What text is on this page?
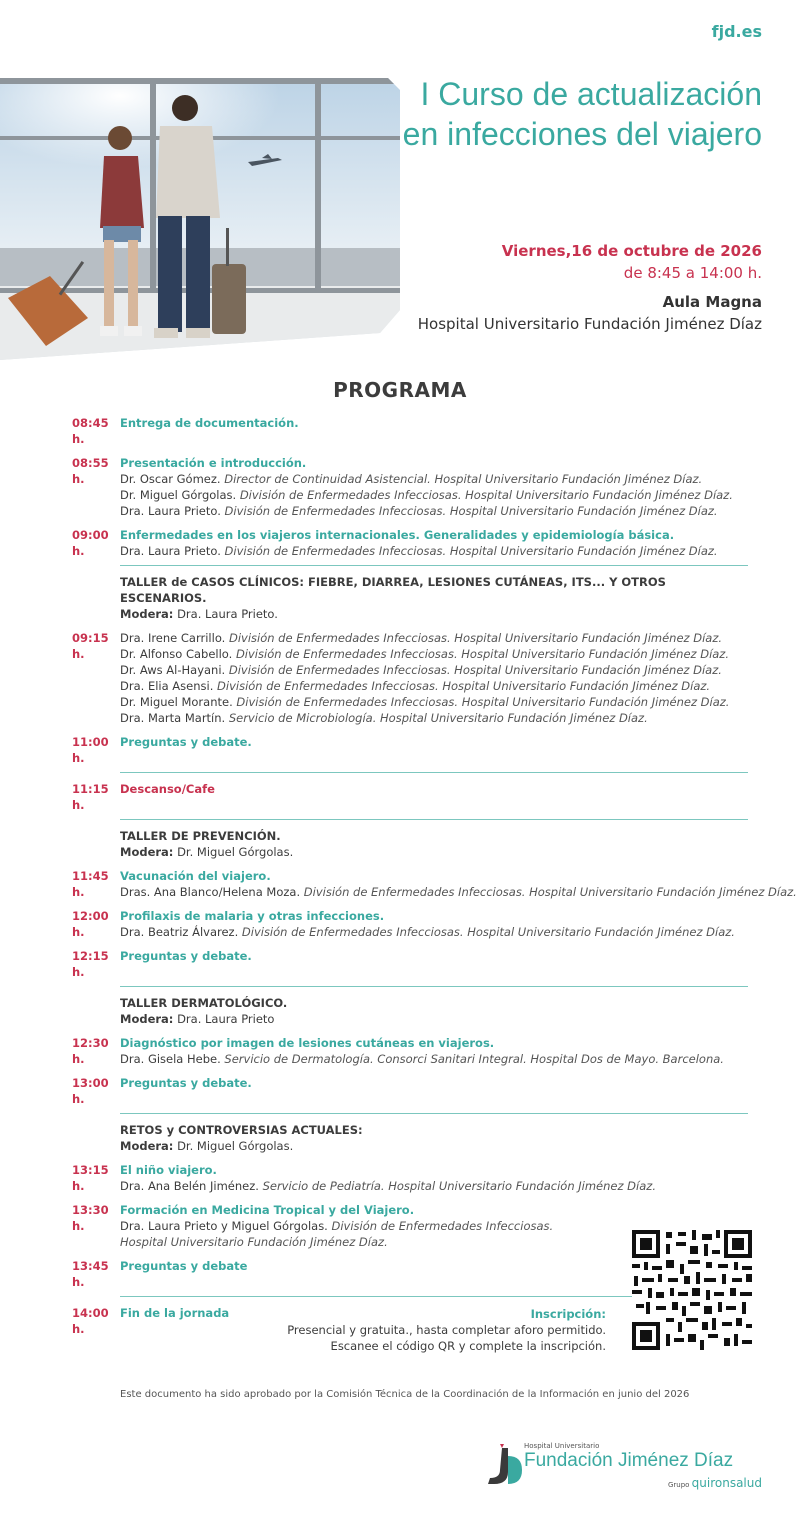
fjd.es
I Curso de actualización en infecciones del viajero
Viernes,16 de octubre de 2026
de 8:45 a 14:00 h.
Aula Magna
Hospital Universitario Fundación Jiménez Díaz
PROGRAMA
08:45 h.
Entrega de documentación.
08:55 h.
Presentación e introducción.
Dr. Oscar Gómez. Director de Continuidad Asistencial. Hospital Universitario Fundación Jiménez Díaz.
Dr. Miguel Górgolas. División de Enfermedades Infecciosas. Hospital Universitario Fundación Jiménez Díaz.
Dra. Laura Prieto. División de Enfermedades Infecciosas. Hospital Universitario Fundación Jiménez Díaz.
09:00 h.
Enfermedades en los viajeros internacionales. Generalidades y epidemiología básica.
Dra. Laura Prieto. División de Enfermedades Infecciosas. Hospital Universitario Fundación Jiménez Díaz.
TALLER de CASOS CLÍNICOS: FIEBRE, DIARREA, LESIONES CUTÁNEAS, ITS... Y OTROS ESCENARIOS.
Modera: Dra. Laura Prieto.
09:15 h.
Dra. Irene Carrillo. División de Enfermedades Infecciosas. Hospital Universitario Fundación Jiménez Díaz.
Dr. Alfonso Cabello. División de Enfermedades Infecciosas. Hospital Universitario Fundación Jiménez Díaz.
Dr. Aws Al-Hayani. División de Enfermedades Infecciosas. Hospital Universitario Fundación Jiménez Díaz.
Dra. Elia Asensi. División de Enfermedades Infecciosas. Hospital Universitario Fundación Jiménez Díaz.
Dr. Miguel Morante. División de Enfermedades Infecciosas. Hospital Universitario Fundación Jiménez Díaz.
Dra. Marta Martín. Servicio de Microbiología. Hospital Universitario Fundación Jiménez Díaz.
11:00 h.
Preguntas y debate.
11:15 h.
Descanso/Cafe
TALLER DE PREVENCIÓN.
Modera: Dr. Miguel Górgolas.
11:45 h.
Vacunación del viajero.
Dras. Ana Blanco/Helena Moza. División de Enfermedades Infecciosas. Hospital Universitario Fundación Jiménez Díaz.
12:00 h.
Profilaxis de malaria y otras infecciones.
Dra. Beatriz Álvarez. División de Enfermedades Infecciosas. Hospital Universitario Fundación Jiménez Díaz.
12:15 h.
Preguntas y debate.
TALLER DERMATOLÓGICO.
Modera: Dra. Laura Prieto
12:30 h.
Diagnóstico por imagen de lesiones cutáneas en viajeros.
Dra. Gisela Hebe. Servicio de Dermatología. Consorci Sanitari Integral. Hospital Dos de Mayo. Barcelona.
13:00 h.
Preguntas y debate.
RETOS y CONTROVERSIAS ACTUALES:
Modera: Dr. Miguel Górgolas.
13:15 h.
El niño viajero.
Dra. Ana Belén Jiménez. Servicio de Pediatría. Hospital Universitario Fundación Jiménez Díaz.
13:30 h.
Formación en Medicina Tropical y del Viajero.
Dra. Laura Prieto y Miguel Górgolas. División de Enfermedades Infecciosas.
Hospital Universitario Fundación Jiménez Díaz.
13:45 h.
Preguntas y debate
14:00 h.
Fin de la jornada	Inscripción:
Presencial y gratuita., hasta completar aforo permitido.
Escanee el código QR y complete la inscripción.
Este documento ha sido aprobado por la Comisión Técnica de la Coordinación de la Información en junio del 2026
Hospital Universitario
Fundación Jiménez Díaz
Grupo quironsalud
